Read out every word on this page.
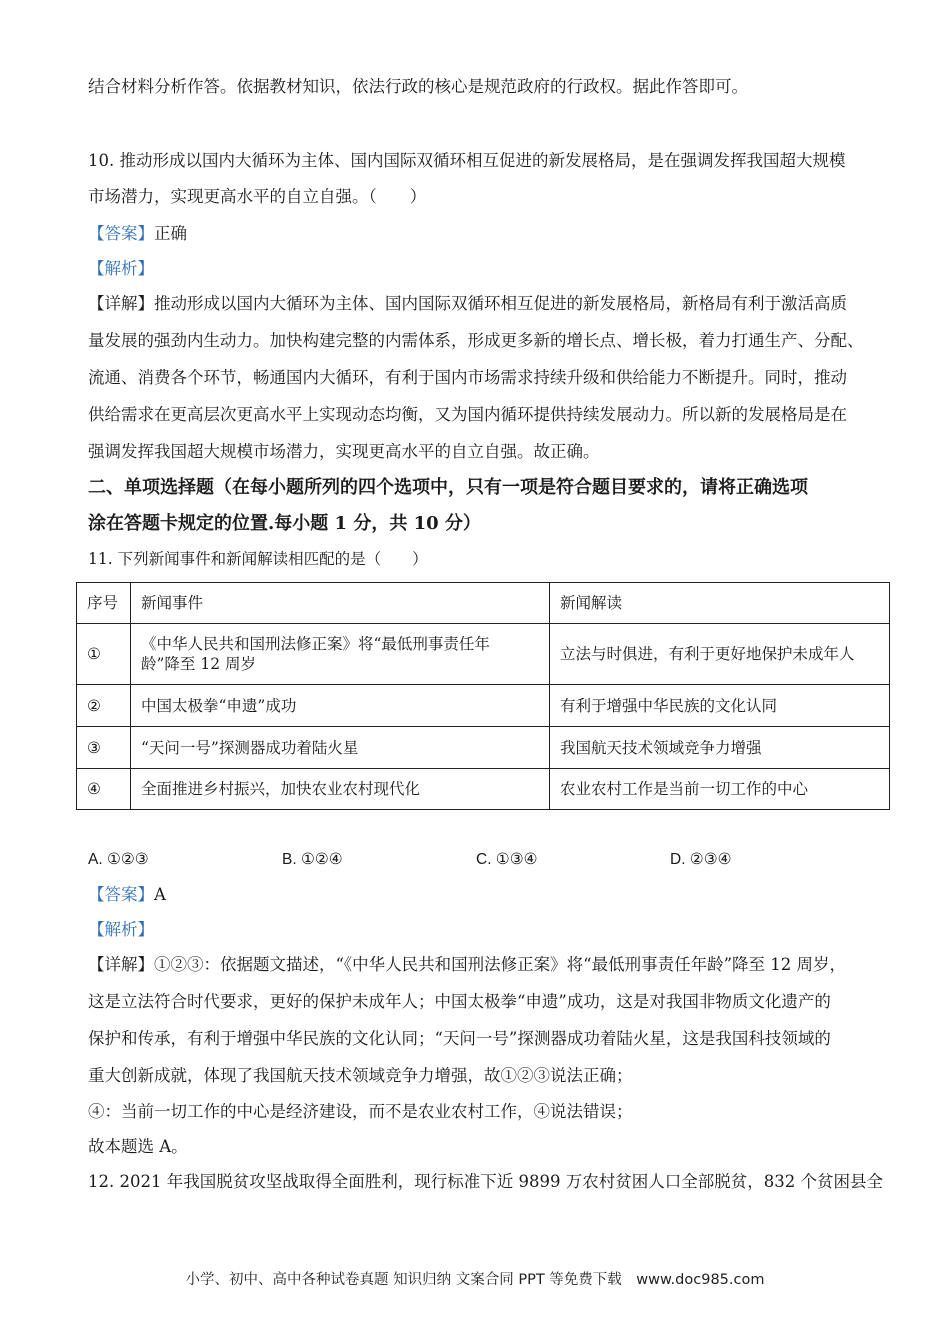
结合材料分析作答。依据教材知识，依法行政的核心是规范政府的行政权。据此作答即可。
10. 推动形成以国内大循环为主体、国内国际双循环相互促进的新发展格局，是在强调发挥我国超大规模
市场潜力，实现更高水平的自立自强。（　　）
【答案】正确
【解析】
【详解】推动形成以国内大循环为主体、国内国际双循环相互促进的新发展格局，新格局有利于激活高质
量发展的强劲内生动力。加快构建完整的内需体系，形成更多新的增长点、增长极，着力打通生产、分配、
流通、消费各个环节，畅通国内大循环，有利于国内市场需求持续升级和供给能力不断提升。同时，推动
供给需求在更高层次更高水平上实现动态均衡，又为国内循环提供持续发展动力。所以新的发展格局是在
强调发挥我国超大规模市场潜力，实现更高水平的自立自强。故正确。
二、单项选择题（在每小题所列的四个选项中，只有一项是符合题目要求的，请将正确选项
涂在答题卡规定的位置.每小题 1 分，共 10 分）
11. 下列新闻事件和新闻解读相匹配的是（　　）
序号	新闻事件	新闻解读
①	《中华人民共和国刑法修正案》将“最低刑事责任年龄”降至 12 周岁	立法与时俱进，有利于更好地保护未成年人
②	中国太极拳“申遗”成功	有利于增强中华民族的文化认同
③	“天问一号”探测器成功着陆火星	我国航天技术领域竞争力增强
④	全面推进乡村振兴，加快农业农村现代化	农业农村工作是当前一切工作的中心
A. ①②③	B. ①②④	C. ①③④	D. ②③④
【答案】A
【解析】
【详解】①②③：依据题文描述，“《中华人民共和国刑法修正案》将“最低刑事责任年龄”降至 12 周岁，
这是立法符合时代要求，更好的保护未成年人；中国太极拳“申遗”成功，这是对我国非物质文化遗产的
保护和传承，有利于增强中华民族的文化认同；“天问一号”探测器成功着陆火星，这是我国科技领域的
重大创新成就，体现了我国航天技术领域竞争力增强，故①②③说法正确；
④：当前一切工作的中心是经济建设，而不是农业农村工作，④说法错误；
故本题选 A。
12. 2021 年我国脱贫攻坚战取得全面胜利，现行标准下近 9899 万农村贫困人口全部脱贫，832 个贫困县全
小学、初中、高中各种试卷真题 知识归纳 文案合同 PPT 等免费下载　www.doc985.com
